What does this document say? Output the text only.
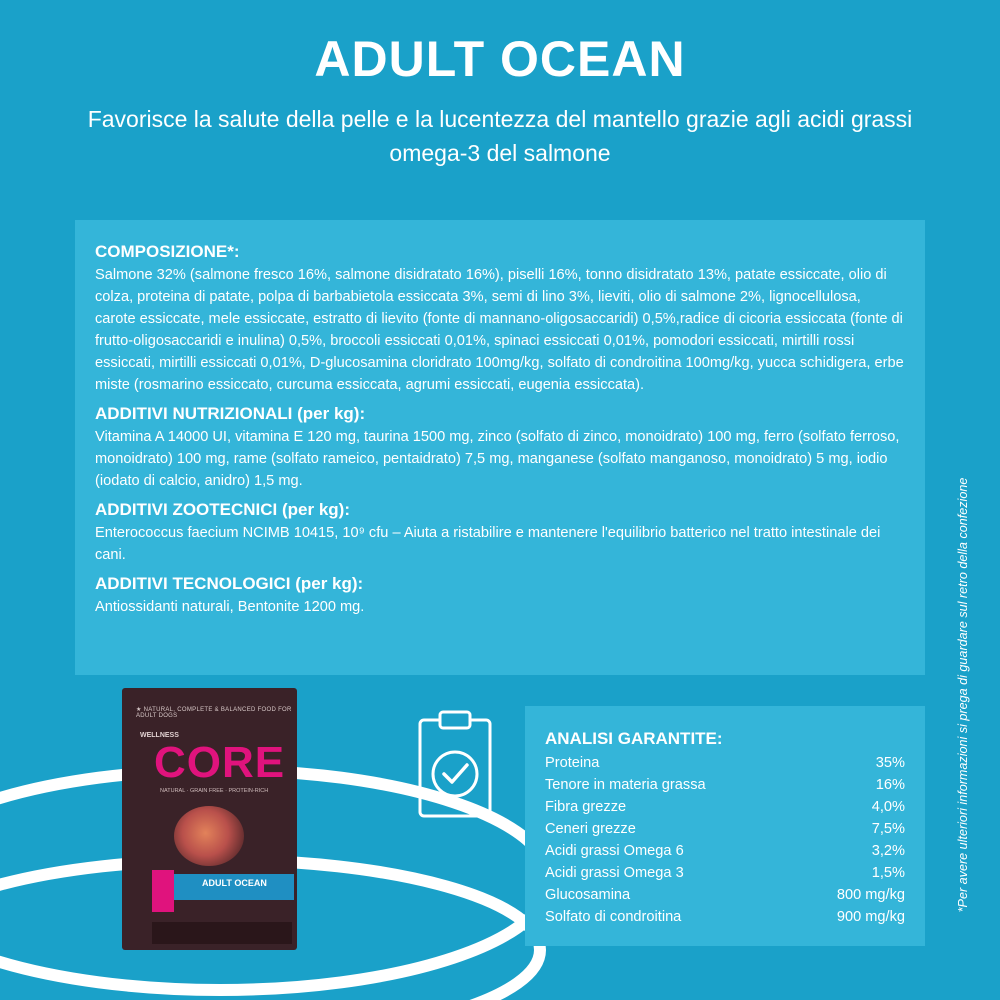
ADULT OCEAN
Favorisce la salute della pelle e la lucentezza del mantello grazie agli acidi grassi omega-3 del salmone

COMPOSIZIONE*:

Salmone 32% (salmone fresco 16%, salmone disidratato 16%), piselli 16%, tonno disidratato 13%, patate essiccate, olio di colza, proteina di patate, polpa di barbabietola essiccata 3%, semi di lino 3%, lieviti, olio di salmone 2%, lignocellulosa, carote essiccate, mele essiccate, estratto di lievito (fonte di mannano-oligosaccaridi) 0,5%,radice di cicoria essiccata (fonte di frutto-oligosaccaridi e inulina) 0,5%, broccoli essiccati 0,01%, spinaci essiccati 0,01%, pomodori essiccati, mirtilli rossi essiccati, mirtilli essiccati 0,01%, D-glucosamina cloridrato 100mg/kg, solfato di condroitina 100mg/kg, yucca schidigera, erbe miste (rosmarino essiccato, curcuma essiccata, agrumi essiccati, eugenia essiccata).

ADDITIVI NUTRIZIONALI (per kg):

Vitamina A 14000 UI, vitamina E 120 mg, taurina 1500 mg, zinco (solfato di zinco, monoidrato) 100 mg, ferro (solfato ferroso, monoidrato) 100 mg, rame (solfato rameico, pentaidrato) 7,5 mg, manganese (solfato manganoso, monoidrato) 5 mg, iodio (iodato di calcio, anidro) 1,5 mg.

ADDITIVI ZOOTECNICI (per kg):

Enterococcus faecium NCIMB 10415, 10⁹ cfu – Aiuta a ristabilire e mantenere l'equilibrio batterico nel tratto intestinale dei cani.

ADDITIVI TECNOLOGICI (per kg):

Antiossidanti naturali, Bentonite 1200 mg.

★ NATURAL, COMPLETE & BALANCED FOOD FOR ADULT DOGS
WELLNESS
CORE
NATURAL · GRAIN FREE · PROTEIN-RICH
ADULT OCEAN
ANALISI GARANTITE:
Proteina	35%
Tenore in materia grassa	16%
Fibra grezze	4,0%
Ceneri grezze	7,5%
Acidi grassi Omega 6	3,2%
Acidi grassi Omega 3	1,5%
Glucosamina	800 mg/kg
Solfato di condroitina	900 mg/kg
*Per avere ulteriori informazioni si prega di guardare sul retro della confezione
